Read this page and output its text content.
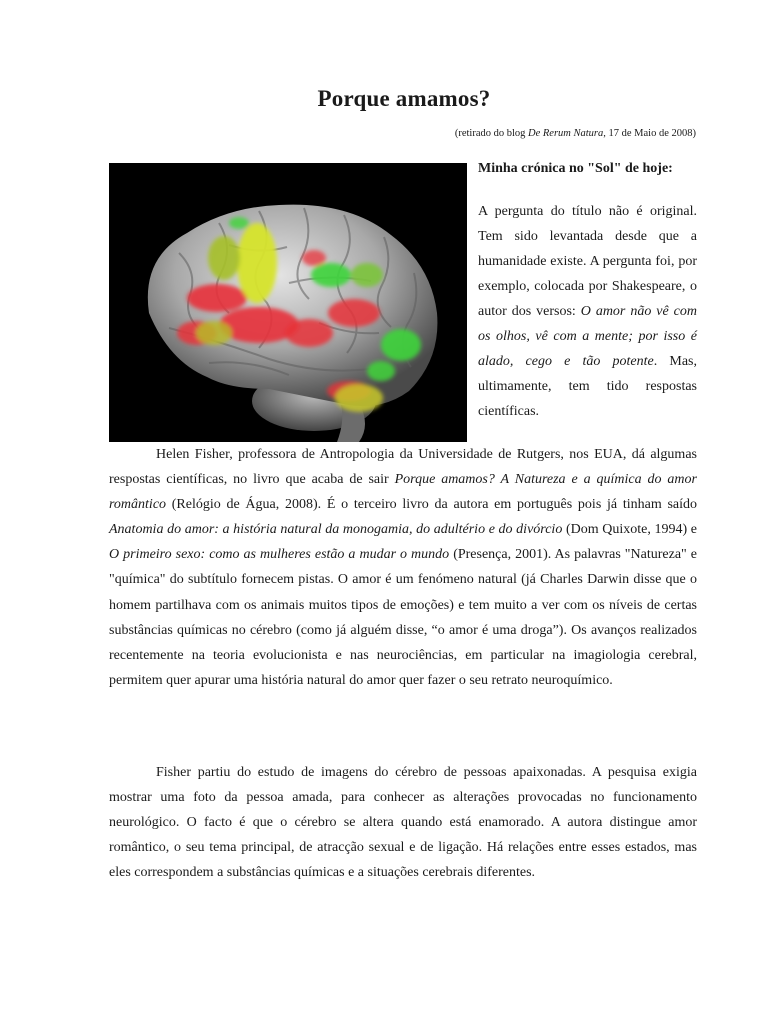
Porque amamos?
(retirado do blog De Rerum Natura, 17 de Maio de 2008)
Minha crónica no "Sol" de hoje:

A pergunta do título não é original. Tem sido levantada desde que a humanidade existe. A pergunta foi, por exemplo, colocada por Shakespeare, o autor dos versos: O amor não vê com os olhos, vê com a mente; por isso é alado, cego e tão potente. Mas, ultimamente, tem tido respostas científicas.

Helen Fisher, professora de Antropologia da Universidade de Rutgers, nos EUA, dá algumas respostas científicas, no livro que acaba de sair Porque amamos? A Natureza e a química do amor romântico (Relógio de Água, 2008). É o terceiro livro da autora em português pois já tinham saído Anatomia do amor: a história natural da monogamia, do adultério e do divórcio (Dom Quixote, 1994) e O primeiro sexo: como as mulheres estão a mudar o mundo (Presença, 2001). As palavras "Natureza" e "química" do subtítulo fornecem pistas. O amor é um fenómeno natural (já Charles Darwin disse que o homem partilhava com os animais muitos tipos de emoções) e tem muito a ver com os níveis de certas substâncias químicas no cérebro (como já alguém disse, “o amor é uma droga”). Os avanços realizados recentemente na teoria evolucionista e nas neurociências, em particular na imagiologia cerebral, permitem quer apurar uma história natural do amor quer fazer o seu retrato neuroquímico.

Fisher partiu do estudo de imagens do cérebro de pessoas apaixonadas. A pesquisa exigia mostrar uma foto da pessoa amada, para conhecer as alterações provocadas no funcionamento neurológico. O facto é que o cérebro se altera quando está enamorado. A autora distingue amor romântico, o seu tema principal, de atracção sexual e de ligação. Há relações entre esses estados, mas eles correspondem a substâncias químicas e a situações cerebrais diferentes.
